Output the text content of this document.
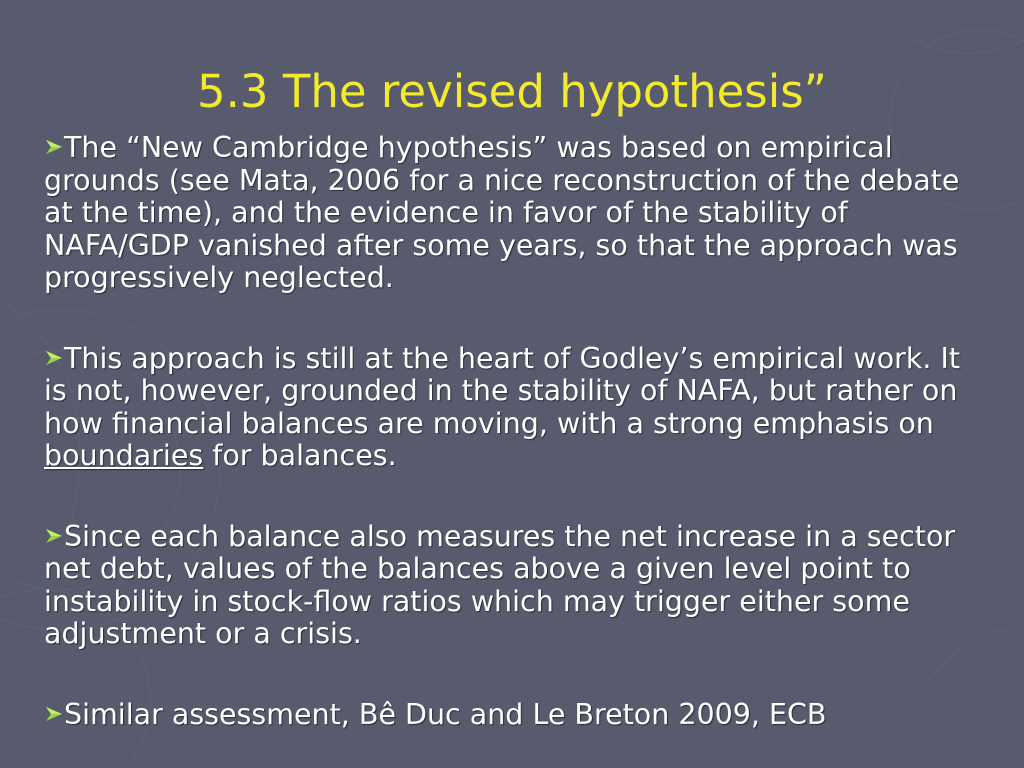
5.3 The revised hypothesis”

The “New Cambridge hypothesis” was based on empirical grounds (see Mata, 2006 for a nice reconstruction of the debate at the time), and the evidence in favor of the stability of NAFA/GDP vanished after some years, so that the approach was progressively neglected.

This approach is still at the heart of Godley’s empirical work. It is not, however, grounded in the stability of NAFA, but rather on how financial balances are moving, with a strong emphasis on boundaries for balances.

Since each balance also measures the net increase in a sector net debt, values of the balances above a given level point to instability in stock-flow ratios which may trigger either some adjustment or a crisis.

Similar assessment, Bê Duc and Le Breton 2009, ECB
